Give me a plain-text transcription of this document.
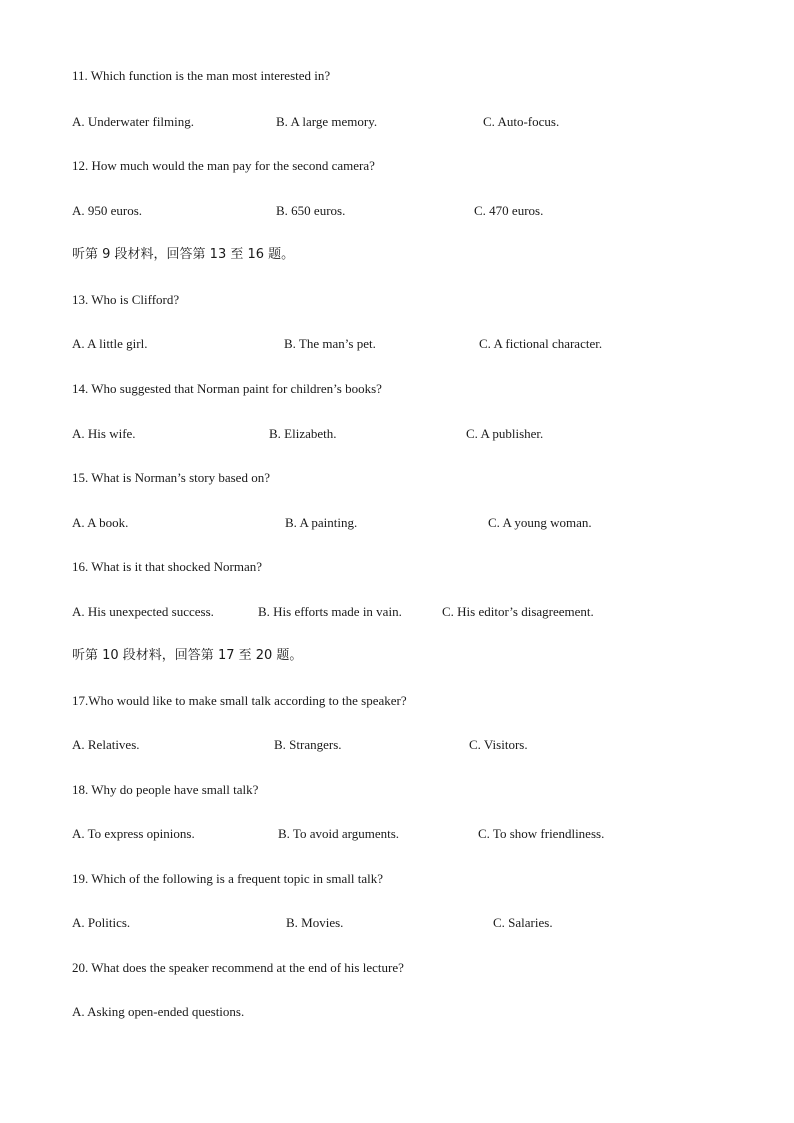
11. Which function is the man most interested in?
A. Underwater filming.	B. A large memory.	C. Auto-focus.
12. How much would the man pay for the second camera?
A. 950 euros.	B. 650 euros.	C. 470 euros.
听第 9 段材料，回答第 13 至 16 题。
13. Who is Clifford?
A. A little girl.	B. The man’s pet.	C. A fictional character.
14. Who suggested that Norman paint for children’s books?
A. His wife.	B. Elizabeth.	C. A publisher.
15. What is Norman’s story based on?
A. A book.	B. A painting.	C. A young woman.
16. What is it that shocked Norman?
A. His unexpected success.	B. His efforts made in vain.	C. His editor’s disagreement.
听第 10 段材料，回答第 17 至 20 题。
17.Who would like to make small talk according to the speaker?
A. Relatives.	B. Strangers.	C. Visitors.
18. Why do people have small talk?
A. To express opinions.	B. To avoid arguments.	C. To show friendliness.
19. Which of the following is a frequent topic in small talk?
A. Politics.	B. Movies.	C. Salaries.
20. What does the speaker recommend at the end of his lecture?
A. Asking open-ended questions.
